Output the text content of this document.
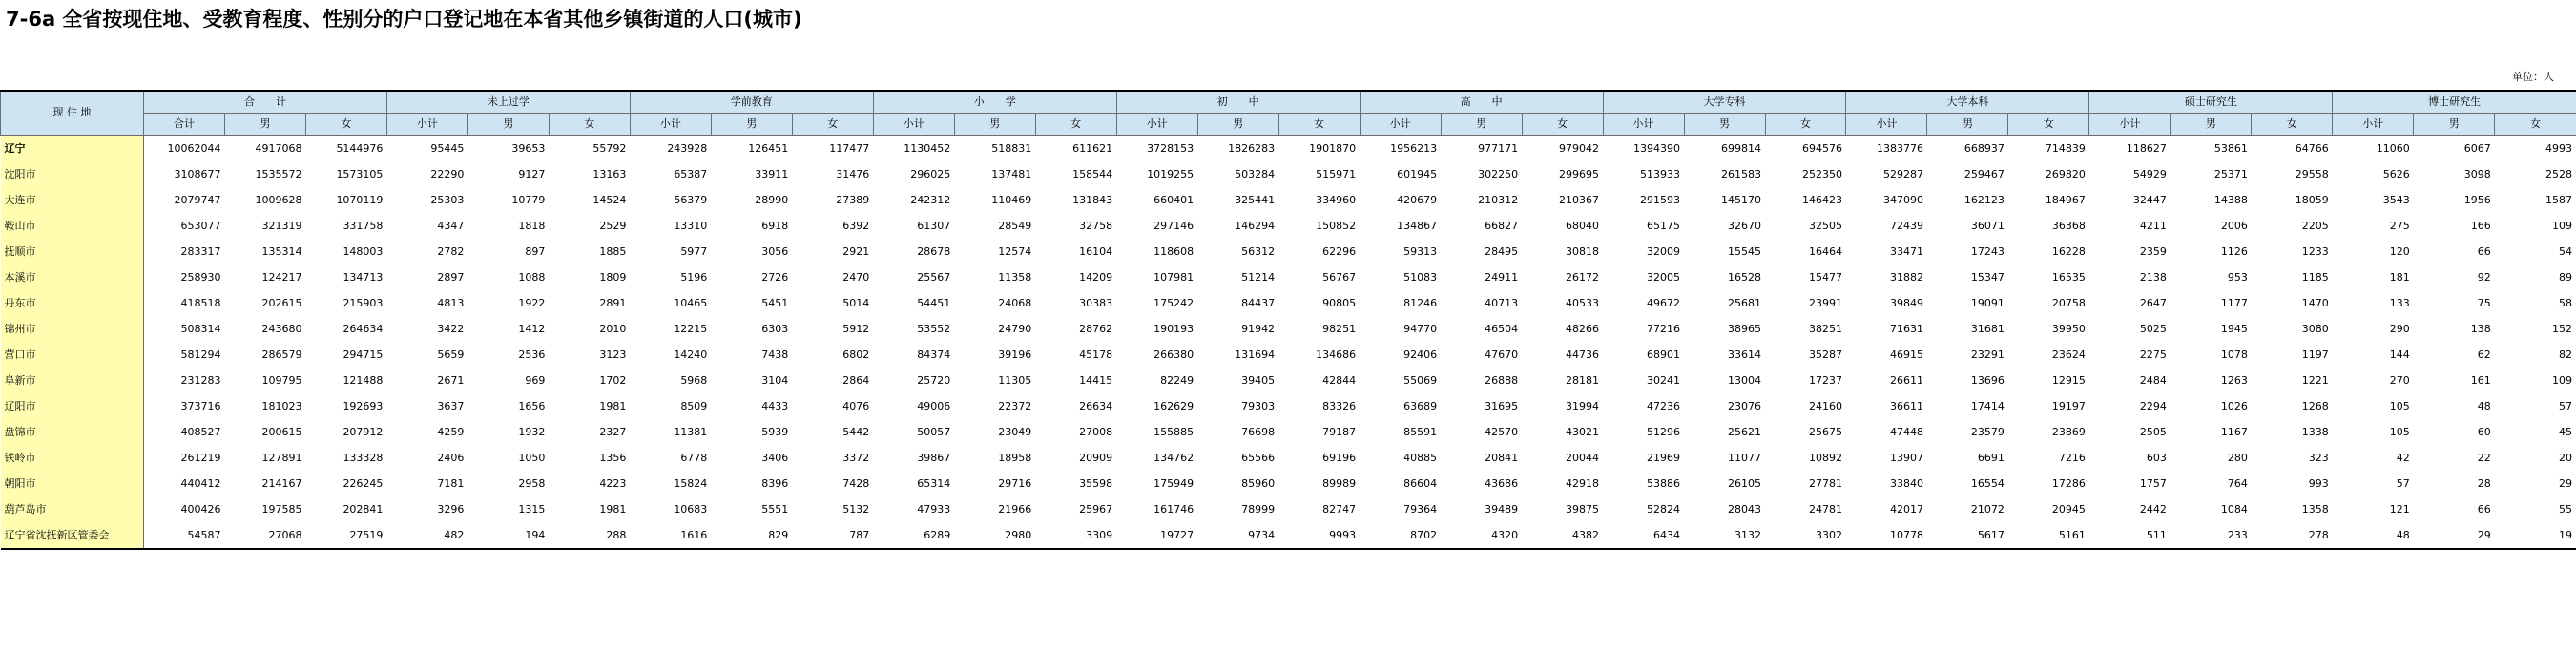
7-6a 全省按现住地、受教育程度、性别分的户口登记地在本省其他乡镇街道的人口(城市)
单位：人
现 住 地	合　　计			未上过学			学前教育			小　　学			初　　中			高　　中			大学专科			大学本科			硕士研究生			博士研究生		
	合计	男	女	小计	男	女	小计	男	女	小计	男	女	小计	男	女	小计	男	女	小计	男	女	小计	男	女	小计	男	女	小计	男	女
辽宁	10062044	4917068	5144976	95445	39653	55792	243928	126451	117477	1130452	518831	611621	3728153	1826283	1901870	1956213	977171	979042	1394390	699814	694576	1383776	668937	714839	118627	53861	64766	11060	6067	4993
沈阳市	3108677	1535572	1573105	22290	9127	13163	65387	33911	31476	296025	137481	158544	1019255	503284	515971	601945	302250	299695	513933	261583	252350	529287	259467	269820	54929	25371	29558	5626	3098	2528
大连市	2079747	1009628	1070119	25303	10779	14524	56379	28990	27389	242312	110469	131843	660401	325441	334960	420679	210312	210367	291593	145170	146423	347090	162123	184967	32447	14388	18059	3543	1956	1587
鞍山市	653077	321319	331758	4347	1818	2529	13310	6918	6392	61307	28549	32758	297146	146294	150852	134867	66827	68040	65175	32670	32505	72439	36071	36368	4211	2006	2205	275	166	109
抚顺市	283317	135314	148003	2782	897	1885	5977	3056	2921	28678	12574	16104	118608	56312	62296	59313	28495	30818	32009	15545	16464	33471	17243	16228	2359	1126	1233	120	66	54
本溪市	258930	124217	134713	2897	1088	1809	5196	2726	2470	25567	11358	14209	107981	51214	56767	51083	24911	26172	32005	16528	15477	31882	15347	16535	2138	953	1185	181	92	89
丹东市	418518	202615	215903	4813	1922	2891	10465	5451	5014	54451	24068	30383	175242	84437	90805	81246	40713	40533	49672	25681	23991	39849	19091	20758	2647	1177	1470	133	75	58
锦州市	508314	243680	264634	3422	1412	2010	12215	6303	5912	53552	24790	28762	190193	91942	98251	94770	46504	48266	77216	38965	38251	71631	31681	39950	5025	1945	3080	290	138	152
营口市	581294	286579	294715	5659	2536	3123	14240	7438	6802	84374	39196	45178	266380	131694	134686	92406	47670	44736	68901	33614	35287	46915	23291	23624	2275	1078	1197	144	62	82
阜新市	231283	109795	121488	2671	969	1702	5968	3104	2864	25720	11305	14415	82249	39405	42844	55069	26888	28181	30241	13004	17237	26611	13696	12915	2484	1263	1221	270	161	109
辽阳市	373716	181023	192693	3637	1656	1981	8509	4433	4076	49006	22372	26634	162629	79303	83326	63689	31695	31994	47236	23076	24160	36611	17414	19197	2294	1026	1268	105	48	57
盘锦市	408527	200615	207912	4259	1932	2327	11381	5939	5442	50057	23049	27008	155885	76698	79187	85591	42570	43021	51296	25621	25675	47448	23579	23869	2505	1167	1338	105	60	45
铁岭市	261219	127891	133328	2406	1050	1356	6778	3406	3372	39867	18958	20909	134762	65566	69196	40885	20841	20044	21969	11077	10892	13907	6691	7216	603	280	323	42	22	20
朝阳市	440412	214167	226245	7181	2958	4223	15824	8396	7428	65314	29716	35598	175949	85960	89989	86604	43686	42918	53886	26105	27781	33840	16554	17286	1757	764	993	57	28	29
葫芦岛市	400426	197585	202841	3296	1315	1981	10683	5551	5132	47933	21966	25967	161746	78999	82747	79364	39489	39875	52824	28043	24781	42017	21072	20945	2442	1084	1358	121	66	55
辽宁省沈抚新区管委会	54587	27068	27519	482	194	288	1616	829	787	6289	2980	3309	19727	9734	9993	8702	4320	4382	6434	3132	3302	10778	5617	5161	511	233	278	48	29	19
